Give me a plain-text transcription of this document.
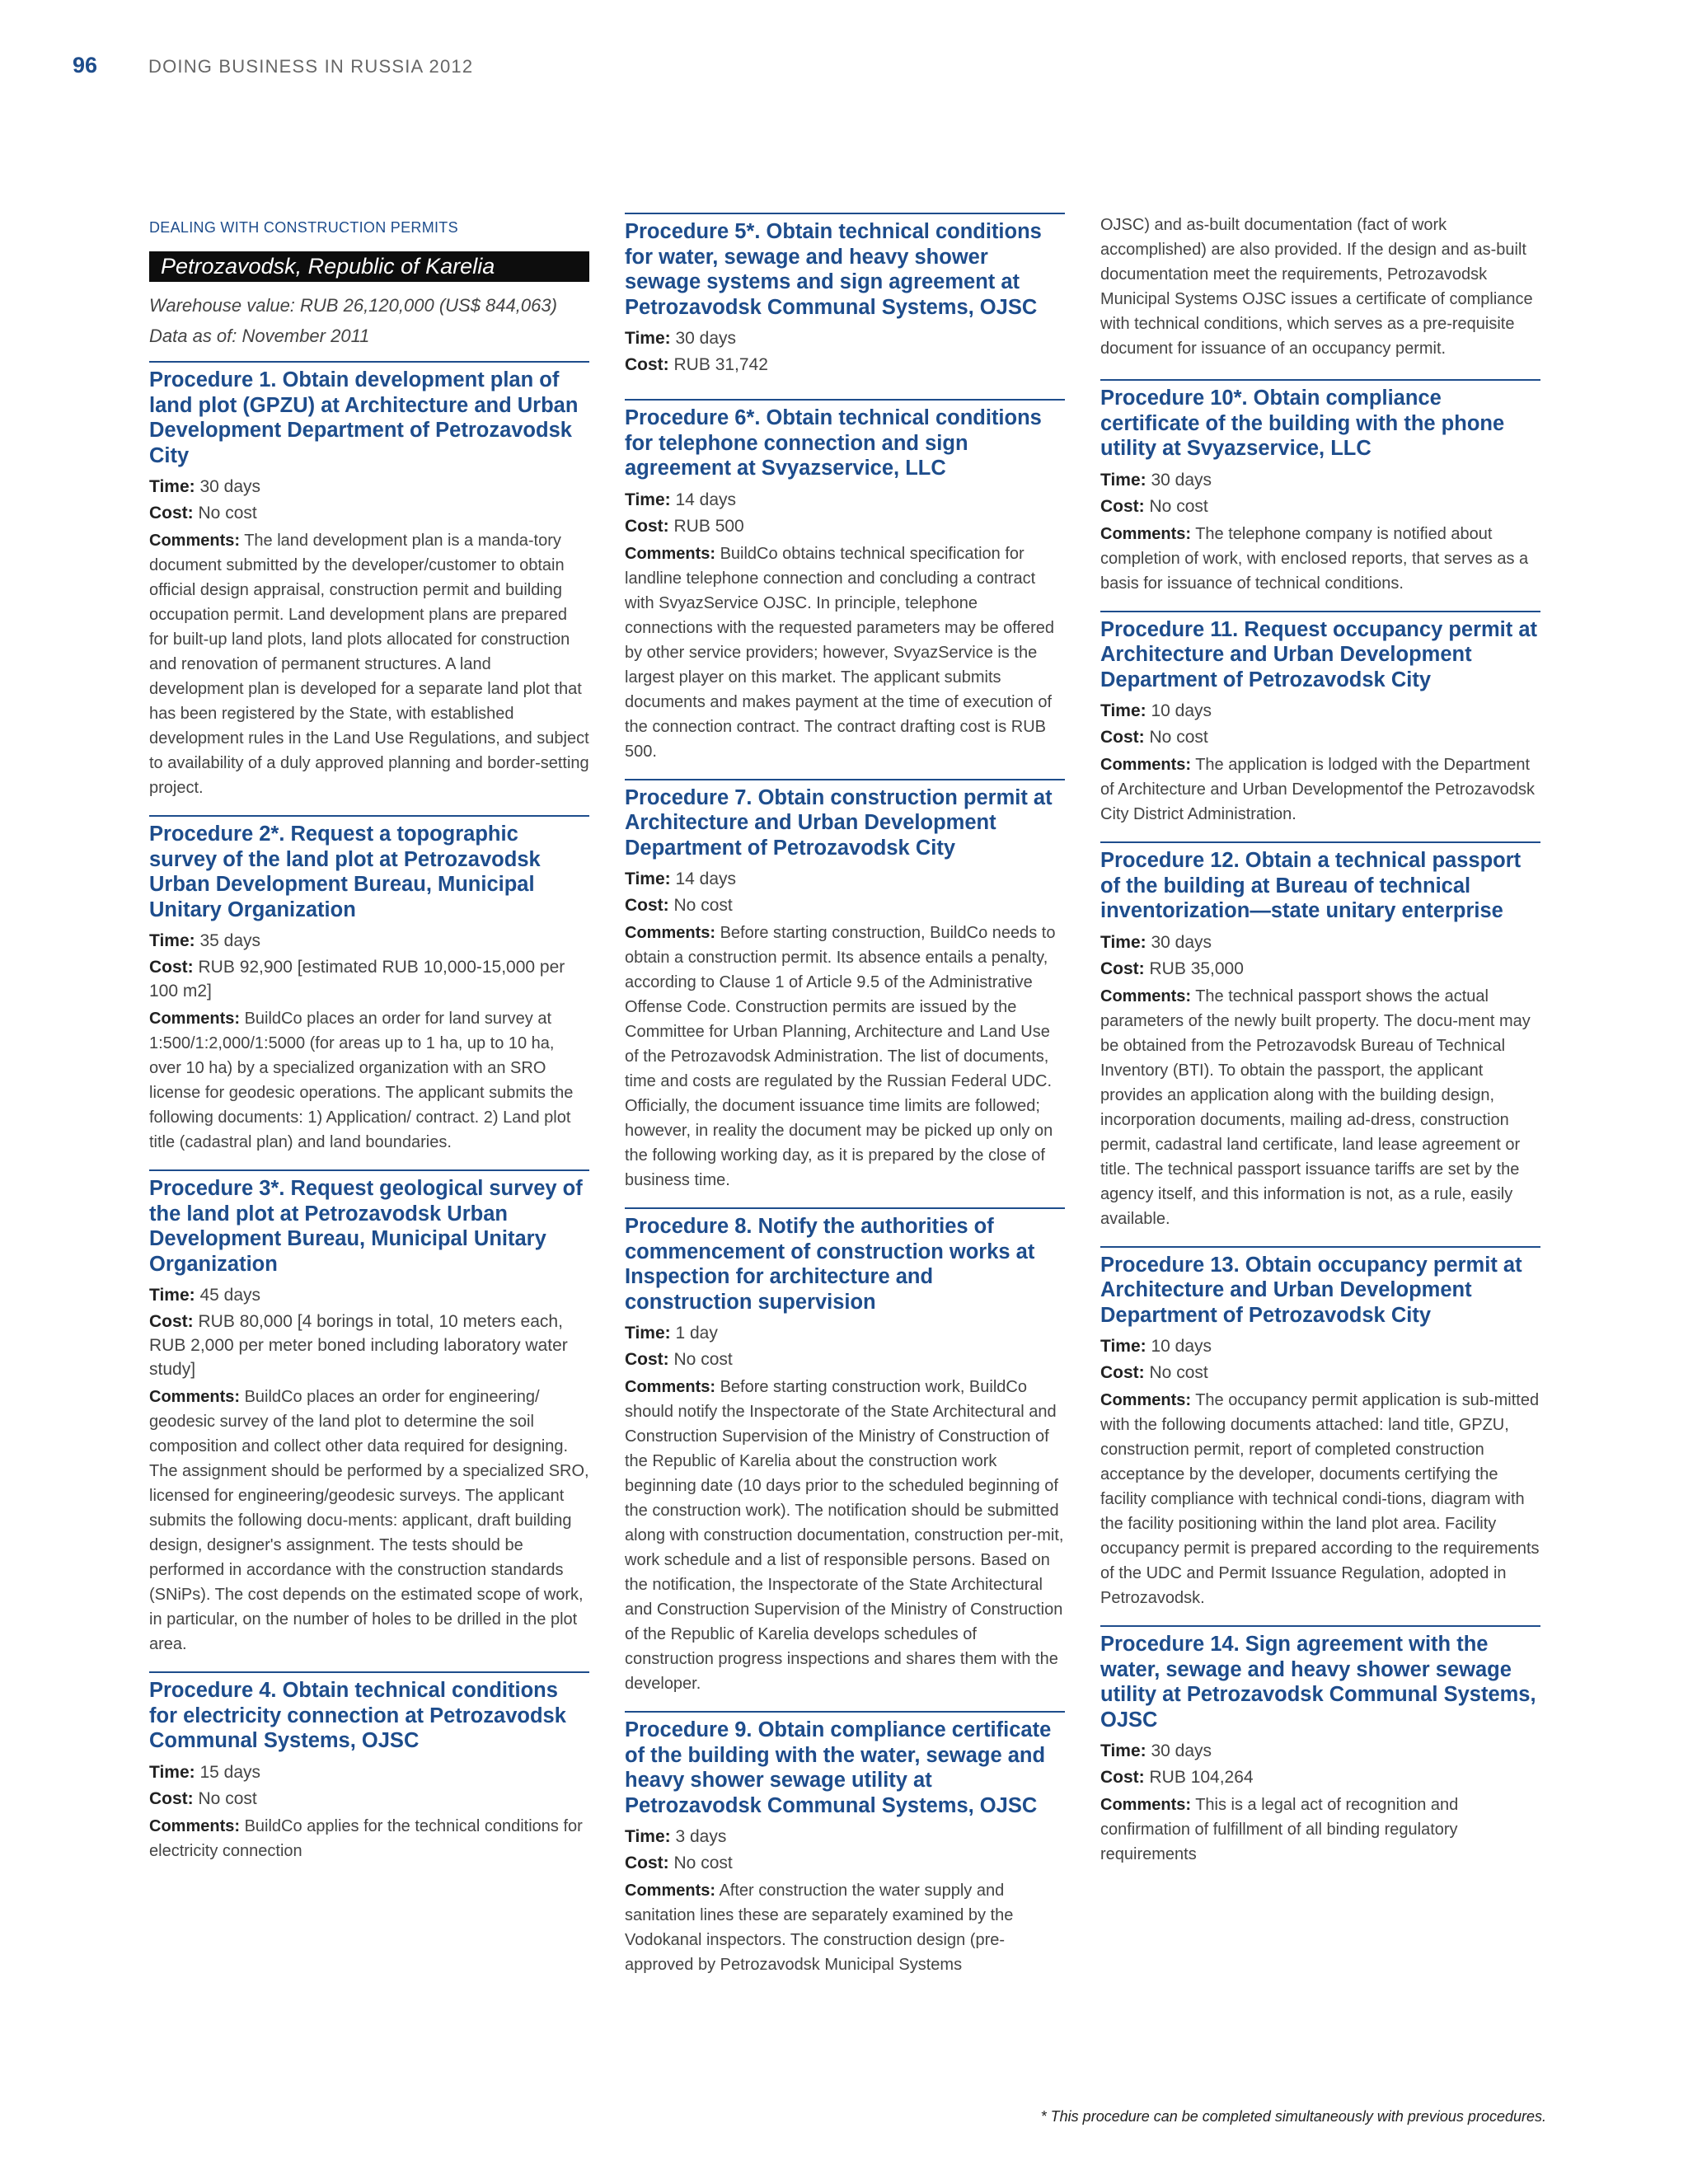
96	DOING BUSINESS IN RUSSIA 2012
DEALING WITH CONSTRUCTION PERMITS
Petrozavodsk, Republic of Karelia
Warehouse value: RUB 26,120,000 (US$ 844,063)
Data as of: November 2011
Procedure 1. Obtain development plan of land plot (GPZU) at Architecture and Urban Development Department of Petrozavodsk City
Time: 30 days
Cost: No cost
Comments: The land development plan is a manda-tory document submitted by the developer/customer to obtain official design appraisal, construction permit and building occupation permit. Land development plans are prepared for built-up land plots, land plots allocated for construction and renovation of permanent structures. A land development plan is developed for a separate land plot that has been registered by the State, with established development rules in the Land Use Regulations, and subject to availability of a duly approved planning and border-setting project.
Procedure 2*. Request a topographic survey of the land plot at Petrozavodsk Urban Development Bureau, Municipal Unitary Organization
Time: 35 days
Cost: RUB 92,900 [estimated RUB 10,000-15,000 per 100 m2]
Comments: BuildCo places an order for land survey at 1:500/1:2,000/1:5000 (for areas up to 1 ha, up to 10 ha, over 10 ha) by a specialized organization with an SRO license for geodesic operations. The applicant submits the following documents: 1) Application/ contract. 2) Land plot title (cadastral plan) and land boundaries.
Procedure 3*. Request geological survey of the land plot at Petrozavodsk Urban Development Bureau, Municipal Unitary Organization
Time: 45 days
Cost: RUB 80,000 [4 borings in total, 10 meters each, RUB 2,000 per meter boned including laboratory water study]
Comments: BuildCo places an order for engineering/ geodesic survey of the land plot to determine the soil composition and collect other data required for designing. The assignment should be performed by a specialized SRO, licensed for engineering/geodesic surveys. The applicant submits the following docu-ments: applicant, draft building design, designer's assignment. The tests should be performed in accordance with the construction standards (SNiPs). The cost depends on the estimated scope of work, in particular, on the number of holes to be drilled in the plot area.
Procedure 4. Obtain technical conditions for electricity connection at Petrozavodsk Communal Systems, OJSC
Time: 15 days
Cost: No cost
Comments: BuildCo applies for the technical conditions for electricity connection
Procedure 5*. Obtain technical conditions for water, sewage and heavy shower sewage systems and sign agreement at Petrozavodsk Communal Systems, OJSC
Time: 30 days
Cost: RUB 31,742
Procedure 6*. Obtain technical conditions for telephone connection and sign agreement at Svyazservice, LLC
Time: 14 days
Cost: RUB 500
Comments: BuildCo obtains technical specification for landline telephone connection and concluding a contract with SvyazService OJSC. In principle, telephone connections with the requested parameters may be offered by other service providers; however, SvyazService is the largest player on this market. The applicant submits documents and makes payment at the time of execution of the connection contract. The contract drafting cost is RUB 500.
Procedure 7. Obtain construction permit at Architecture and Urban Development Department of Petrozavodsk City
Time: 14 days
Cost: No cost
Comments: Before starting construction, BuildCo needs to obtain a construction permit. Its absence entails a penalty, according to Clause 1 of Article 9.5 of the Administrative Offense Code. Construction permits are issued by the Committee for Urban Planning, Architecture and Land Use of the Petrozavodsk Administration. The list of documents, time and costs are regulated by the Russian Federal UDC. Officially, the document issuance time limits are followed; however, in reality the document may be picked up only on the following working day, as it is prepared by the close of business time.
Procedure 8. Notify the authorities of commencement of construction works at Inspection for architecture and construction supervision
Time: 1 day
Cost: No cost
Comments: Before starting construction work, BuildCo should notify the Inspectorate of the State Architectural and Construction Supervision of the Ministry of Construction of the Republic of Karelia about the construction work beginning date (10 days prior to the scheduled beginning of the construction work). The notification should be submitted along with construction documentation, construction per-mit, work schedule and a list of responsible persons. Based on the notification, the Inspectorate of the State Architectural and Construction Supervision of the Ministry of Construction of the Republic of Karelia develops schedules of construction progress inspections and shares them with the developer.
Procedure 9. Obtain compliance certificate of the building with the water, sewage and heavy shower sewage utility at Petrozavodsk Communal Systems, OJSC
Time: 3 days
Cost: No cost
Comments: After construction the water supply and sanitation lines these are separately examined by the Vodokanal inspectors. The construction design (pre-approved by Petrozavodsk Municipal Systems
OJSC) and as-built documentation (fact of work accomplished) are also provided. If the design and as-built documentation meet the requirements, Petrozavodsk Municipal Systems OJSC issues a certificate of compliance with technical conditions, which serves as a pre-requisite document for issuance of an occupancy permit.
Procedure 10*. Obtain compliance certificate of the building with the phone utility at Svyazservice, LLC
Time: 30 days
Cost: No cost
Comments: The telephone company is notified about completion of work, with enclosed reports, that serves as a basis for issuance of technical conditions.
Procedure 11. Request occupancy permit at Architecture and Urban Development Department of Petrozavodsk City
Time: 10 days
Cost: No cost
Comments: The application is lodged with the Department of Architecture and Urban Developmentof the Petrozavodsk City District Administration.
Procedure 12. Obtain a technical passport of the building at Bureau of technical inventorization—state unitary enterprise
Time: 30 days
Cost: RUB 35,000
Comments: The technical passport shows the actual parameters of the newly built property. The docu-ment may be obtained from the Petrozavodsk Bureau of Technical Inventory (BTI). To obtain the passport, the applicant provides an application along with the building design, incorporation documents, mailing ad-dress, construction permit, cadastral land certificate, land lease agreement or title. The technical passport issuance tariffs are set by the agency itself, and this information is not, as a rule, easily available.
Procedure 13. Obtain occupancy permit at Architecture and Urban Development Department of Petrozavodsk City
Time: 10 days
Cost: No cost
Comments: The occupancy permit application is sub-mitted with the following documents attached: land title, GPZU, construction permit, report of completed construction acceptance by the developer, documents certifying the facility compliance with technical condi-tions, diagram with the facility positioning within the land plot area. Facility occupancy permit is prepared according to the requirements of the UDC and Permit Issuance Regulation, adopted in Petrozavodsk.
Procedure 14. Sign agreement with the water, sewage and heavy shower sewage utility at Petrozavodsk Communal Systems, OJSC
Time: 30 days
Cost: RUB 104,264
Comments: This is a legal act of recognition and confirmation of fulfillment of all binding regulatory requirements
* This procedure can be completed simultaneously with previous procedures.
